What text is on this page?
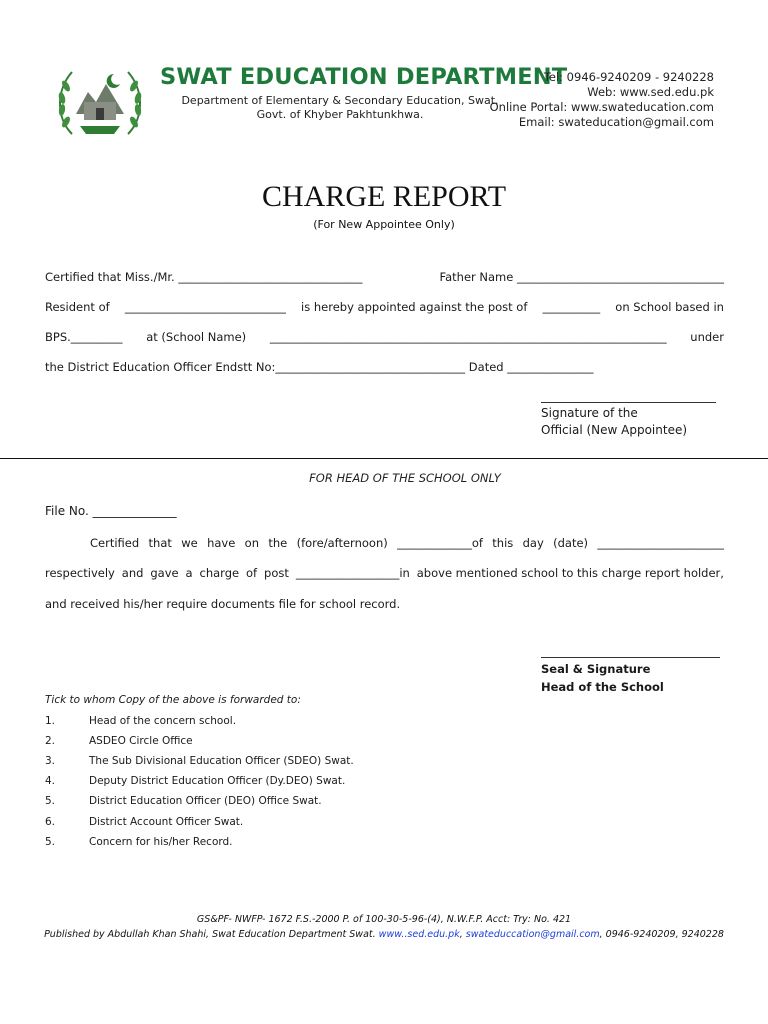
SWAT EDUCATION DEPARTMENT
Department of Elementary & Secondary Education, Swat.
Govt. of Khyber Pakhtunkhwa.
Tel: 0946-9240209 - 9240228
Web: www.sed.edu.pk
Online Portal: www.swateducation.com
Email: swateducation@gmail.com
CHARGE REPORT
(For New Appointee Only)
Certified that Miss./Mr. ________________________________	Father Name ____________________________________
Resident of ____________________________ is hereby appointed against the post of __________ on School based in
BPS._________ at (School Name) _____________________________________________________________________ under
the District Education Officer Endstt No:_________________________________ Dated _______________
Signature of the
Official (New Appointee)
FOR HEAD OF THE SCHOOL ONLY
File No. ______________
Certified that we have on the (fore/afternoon) _____________of this day (date) ______________________
respectively and gave a charge of post __________________in above mentioned school to this charge report holder,
and received his/her require documents file for school record.
Seal & Signature
Head of the School
Tick to whom Copy of the above is forwarded to:
1.	Head of the concern school.
2.	ASDEO Circle Office
3.	The Sub Divisional Education Officer (SDEO) Swat.
4.	Deputy District Education Officer (Dy.DEO) Swat.
5.	District Education Officer (DEO) Office Swat.
6.	District Account Officer Swat.
5.	Concern for his/her Record.
GS&PF- NWFP- 1672 F.S.-2000 P. of 100-30-5-96-(4), N.W.F.P. Acct: Try: No. 421
Published by Abdullah Khan Shahi, Swat Education Department Swat. www..sed.edu.pk, swateduccation@gmail.com, 0946-9240209, 9240228
